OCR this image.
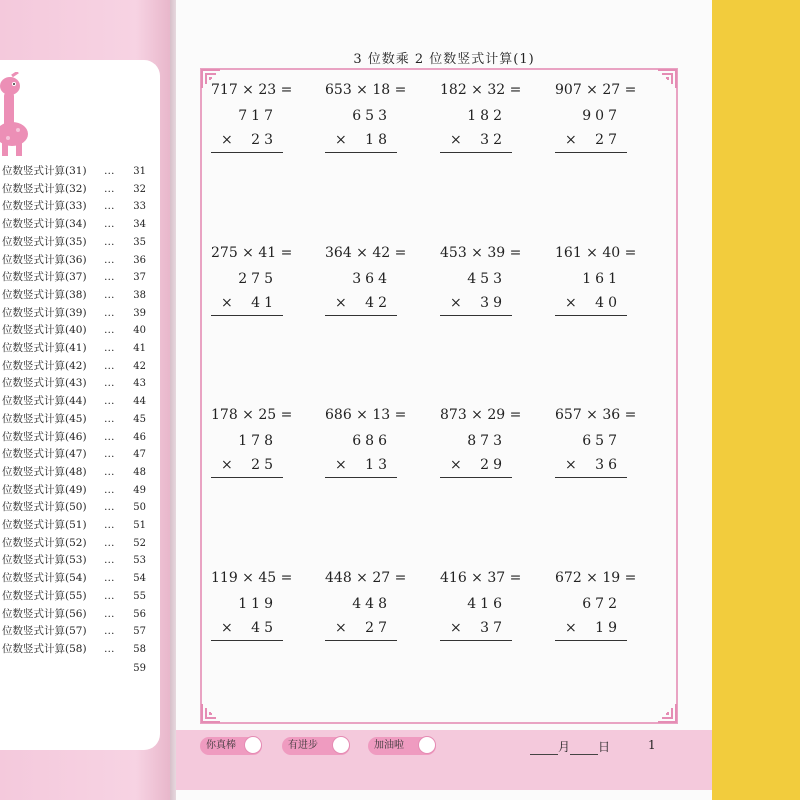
位数竖式计算(31) … 31
位数竖式计算(32) … 32
位数竖式计算(33) … 33
位数竖式计算(34) … 34
位数竖式计算(35) … 35
位数竖式计算(36) … 36
位数竖式计算(37) … 37
位数竖式计算(38) … 38
位数竖式计算(39) … 39
位数竖式计算(40) … 40
位数竖式计算(41) … 41
位数竖式计算(42) … 42
位数竖式计算(43) … 43
位数竖式计算(44) … 44
位数竖式计算(45) … 45
位数竖式计算(46) … 46
位数竖式计算(47) … 47
位数竖式计算(48) … 48
位数竖式计算(49) … 49
位数竖式计算(50) … 50
位数竖式计算(51) … 51
位数竖式计算(52) … 52
位数竖式计算(53) … 53
位数竖式计算(54) … 54
位数竖式计算(55) … 55
位数竖式计算(56) … 56
位数竖式计算(57) … 57
位数竖式计算(58) … 58
59
3 位数乘 2 位数竖式计算(1)
717 × 23 =
717
×	23
653 × 18 =
653
×	18
182 × 32 =
182
×	32
907 × 27 =
907
×	27
275 × 41 =
275
×	41
364 × 42 =
364
×	42
453 × 39 =
453
×	39
161 × 40 =
161
×	40
178 × 25 =
178
×	25
686 × 13 =
686
×	13
873 × 29 =
873
×	29
657 × 36 =
657
×	36
119 × 45 =
119
×	45
448 × 27 =
448
×	27
416 × 37 =
416
×	37
672 × 19 =
672
×	19
你真棒	有进步	加油啦	月 日	1
